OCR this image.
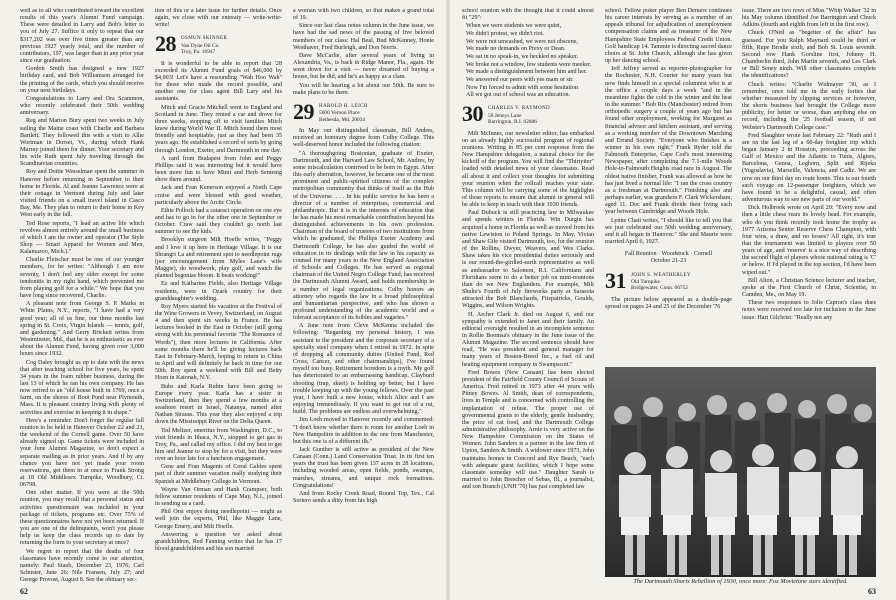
well as to all who contributed toward the excellent results of this year's Alumni Fund campaign. These were detailed in Larry and Bob's letter to you of July 27. Suffice it only to repeat that our $317,202 was over five times greater than any previous 1927 yearly total, and the number of contributors, 197, was larger than in any prior year since our graduation.

Gordon Smith has designed a new 1927 birthday card, and Bob Williamson arranged for the printing of the cards, which you should receive on your next birthdays.

Congratulations to Larry and Ora Scammon, who recently celebrated their 50th wedding anniversary.

Reg and Marion Bury spent two weeks in July sailing the Maine coast with Charlie and Barbara Bartlett. They followed this with a visit to Allie Wortman in Dorset, Vt., during which Hank Murray joined them for dinner. Your secretary and his wife Ruth spent July traveling through the Scandinavian countries.

Roy and Dottie Wesselman spent the summer in Hanover before returning in September to their home in Florida. Al and Jeanne Lawrence were at their cottage in Vermont during July and later visited friends on a small travel island in Casco Bay, Me. They plan to return to their home in Key West early in the fall.

Ted Rose reports, "I lead an active life which revolves almost entirely around the small business of which I am the owner and operator (The Style Shop — Smart Apparel for Women and Men, Kalamazoo, Mich.)."

Charlie Fleischer must be one of our younger members, for he writes: "Although I am now seventy, I don't feel any older except for some tendonitis in my right hand, which prevented me from playing golf for a while." We hope that you have long since recovered, Charlie.

A pleasant note from George S. P. Marks in White Plains, N.Y., reports, "I have had a very good year; all of us fine, our three months last spring in St. Croix, Virgin Islands — tennis, golf, and gardening." And Gerry Brickett writes from Westminster, Md., that he is as enthusiastic as ever about the Alumni Fund, having given over 3,000 hours since 1932.

Cog Daley brought us up to date with the news that after teaching school for five years, he spent 34 years in the foam rubber business, during the last 13 of which he ran his own company. He has now retired to an "old house built in 1769, once a farm, on the shores of Boot Pond near Plymouth, Mass. It is pleasant country living with plenty of activities and exercise in keeping it in shape."

Here's a reminder. Don't forget the regular fall reunion to be held in Hanover October 22 and 23, the weekend of the Cornell game. Over 50 have already signed up. Game tickets were included in your June Alumni Magazine, so don't expect a separate mailing as in prior years. And if by any chance you have not yet made your room reservations, get them in at once to Frank Strong at 18 Old Middlesex Turnpike, Woodbury, Ct. 06798.

One other matter. If you were at the 50th reunion, you may recall that a personal status and activities questionnaire was included in your package of tickets, programs etc. Over 75% of these questionnaires have not yet been returned. If you are one of the delinquents, won't you please help us keep the class records up to date by returning the form to your secretary at once?

We regret to report that the deaths of four classmates have recently come to our attention, namely: Paul Staub, December 23, 1976; Carl Schuster, June 26; Nils Fransen, July 27; and George Provost, August 8. See the obituary sec-

tion of this or a later issue for further details. Once again, we close with our entreaty — write-write-write!

28 OSMUN SKINNER
Van Dyne Oil Co.
Troy, Pa. 16947

It is wonderful to be able to report that '28 exceeded its Alumni Fund goals of $46,000 by $4,903! Let's have a resounding "Wah Hoo Wah" for those who made the record possible, and another one for class agent Bill Lary and his assistants.

Mitch and Gracie Mitchell went to England and Scotland in June. They rented a car and drove for three weeks, stopping off to visit families Mitch knew during World War II. Mitch found them most friendly and hospitable, just as they had been 35 years ago. He established a record of sorts by going through London, Exeter, and Dartmouth in one day.

A card from Budapest from John and Peggy Phillips said it was interesting but it would have been more fun to have Mimi and Herb Semenig show them around.

Jack and Fran Kenerson enjoyed a North Cape cruise and were blessed with good weather, particularly above the Arctic Circle.

Ethie Pollock had a cataract operation on one eye and has to go in for the other one in September or October. Craw said they couldn't go north last summer to see the kids.

Brooklyn surgeon Milt Hoefle writes, "Peggy and I love it up here in Heritage Village. It is our Shrangri La and retirement spot to needlepoint rugs (per encouragement from Myles Lane's wife Maggie), do woodwork, play golf, and watch the planted begonias bloom. It beats working!"

Ez and Katharine Fields, also Heritage Village residents, were in Ozark country for their granddaughter's wedding.

Roy Myers started his vacation at the Festival of the Wine Growers in Vevey, Switzerland, on August 4 and then spent six weeks in France. He has lectures booked in the East in October (still going strong with his perennial favorite "The Romance of Words"), then more lectures in California. After some months there he'll be giving lectures back East in February-March, hoping to return to China in April and will definitely be back in time for our 50th. Roy spent a weekend with Bill and Betty Hoen in Katonah, N.Y.

Bubs and Karla Rubin have been going to Europe every year. Karla has a sister in Switzerland, then they spend a few months at a seashore resort in Israel, Natanya, named after Nathan Strauss. This year they also enjoyed a trip down the Mississippi River on the Delta Queen.

Ted Meltzer, emeritus from Washington, D.C., to visit friends in Ithaca, N.Y., stopped to get gas in Troy, Pa., and called my office. I did my best to get him and Jeanne to stop by for a visit, but they were over an hour late for a luncheon engagement.

Gene and Fran Magenis of Coral Gables spent part of their summer vacation really studying their Spanish at Middlebury College in Vermont.

Wayne Van Orman and Hank Crampser, both fellow summer residents of Cape May, N.J., joined in sending us a card.

Phil Orsi enjoys doing needlepoint — might as well join the experts, Phil, like Maggie Lane, George Emery, and Milt Hoefle.

Answering a question we asked about grandchildren, Red Fanning writes that he has 17 blood grandchildren and his son married

a woman with two children, so that makes a grand total of 19.

Since our last class notes column in the June issue, we have had the sad news of the passing of five beloved members of our class: Hal Beal, Bud McKenney, Honie Westhaver, Fred Burleigh, and Don Norris.

Dave McCarlie, after several years of living in Alexandria, Va., is back in Ridge Manor, Fla., again. He went down for a visit — never dreamed of buying a house, but he did, and he's as happy as a clam.

You will be hearing a lot about our 50th. Be sure to make plans to be there.

29 HAROLD H. LEICH
5600 Vernon Place
Bethesda, Md. 20034

In May our distinguished classmate, Bill Andres, received an honorary degree from Colby College. This well-deserved honor included the following citation:

"A thoroughgoing Bostonian, graduate of Exeter, Dartmouth, and the Harvard Law School, Mr. Andres, by some miscalculation contrived to be born in Egypt. After this early aberration, however, he became one of the most prominent and public-spirited citizens of the complex metropolitan community that thinks of itself as the Hub of the Universe. . . . In his public service he has been a director of a number of enterprises, commercial and philanthropic. But it is in the interests of education that he has made his most remarkable contribution beyond his distinguished achievements in his own profession. Chairman of the board of trustees of two institutions from which he graduated, the Phillips Exeter Academy and Dartmouth College, he has also guided the world of education in its dealings with the law in his capacity as counsel for many years to the New England Association of Schools and Colleges. He has served as regional chairman of the United Negro College Fund, has received the Dartmouth Alumni Award, and holds membership in a number of legal organizations. Colby honors an attorney who regards the law in a broad philosophical and humanitarian perspective, and who has shown a profound understanding of the academic world and a tolerant acceptance of its foibles and vagaries."

A June note from Cleve McKenna included the following: "Regarding my personal history, I was assistant to the president and the corporate secretary of a specialty steel company when I retired in 1972. In spite of dropping all community duties (United Fund, Red Cross, Cancer, and other chairmanships), I've found myself too busy. Retirement boredom is a myth. My golf has deteriorated to an embarrassing handicap. Clayburd shooting (trap, skeet) is holding up better, but I have trouble keeping up with the young fellows. Over the past year, I have built a new house, which Alice and I are enjoying tremendously. If you want to get out of a rut, build. The problems are endless and overwhelming."

Jim Loeb moved to Hanover recently and commented: "I don't know whether there is room for another Loeb in New Hampshire in addition to the one from Manchester, but this one is of a different ilk."

Jack Gunther is still active as president of the New Canaan (Conn.) Land Conservation Trust. In its first ten years the trust has been given 137 acres in 28 locations, including wooded areas, open fields, ponds, swamps, marshes, streams, and unique rock formations. Congratulations!

And from Rocky Creek Road, Round Top, Tex., Cal Soriero sends a ditty from his high

62

school reunion with the thought that it could almost fit "29":

When we were students we were quiet,

We didn't protest, we didn't riot.

We were not unwashed, we were not obscene,

We made no demands on Prexy or Dean.

We sat in no speak-in, we heckled no speaker.

We broke not a window, few students were meeker.

We made a distinguishment between him and her.

We answered our peers with yes mam or sir.

Now I'm forced to admit with some hesitation

All we got out of school was an education.

30 CHARLES V. RAYMOND
56 Jennys Lane
Barrington, R.I. 02806

Milt McInnes, our newsletter editor, has embarked on an already highly successful program of regional reunions. Writing in 85 per cent response from the New Hampshire delegation, a natural choice for the kickoff of the program. You will find the "Thirtyiter" loaded with detailed news of your classmates. Read all about it and collect your thoughts for submitting your reunion when the rollcall reaches your state. This column will be carrying some of the highlights of those reports to ensure that alumni in general will be able to keep in touch with their 1930 friends.

Paul Dubuck is still practicing law in Milwaukee and spends winters in Florida. Win Durgin has acquired a home in Florida as well as moved from his native Lewiston to Poland Springs. In May, Vivian and Shaw Gile visited Dartmouth, too, for the reunion of the Rollins, Dwyer, Weavers, and Wes Clarks. Shaw takes his vice presidential duties seriously and is our round-the-girdled-earth representative as well as ambassador to Salomon, R.I. Californians and Floridians seem to do a better job on mini-reunions than do we New Englanders. For example, Milt Shulte's Fourth of July fireworks party at Sarasota attracted the Bob Blanchards, Fitzpatricks, Goulds, Wiggins, and Wilson Wrights.

H. Archer Clark Jr. died on August 6, and our sympathy is extended to Janet and their family. An editorial oversight resulted in an incomplete sentence in Rollie Boomsa's obituary in the June issue of the Alumni Magazine. The second sentence should have read, "He was president and general manager for many years of Boston-Breed Inc., a fuel oil and heating equipment company in Swampscott."

Fred Bowes (New Canaan) has been elected president of the Fairfield County Council of Scouts of America. Fred retired in 1973 after 44 years with Pitney Bowes. Al Smith, dean of correspondents, lives in Temple and is concerned with controlling the implantation of refuse. The proper use of governmental grants to the elderly, gentle husbandry, the price of cat food, and the Dartmouth College administrative philosophy. Arnie is very active on the New Hampshire Commission on the Status of Women. John Sanders is a partner in the law firm of Upton, Sanders & Smith. A widower since 1973, John maintains homes in Concord and Rye Beach, "each with adequate guest facilities, which I hope some classmate someday will use." Daughter Sarah is married to John Brescher of Sebas, Ill., a journalist, and son Branch (UNH '70) has just completed law

school. Fellow poker player Ben Demers continues his career interests by serving as a member of an appeals tribunal for adjudication of unemployment compensation claims and as treasurer of the New Hampshire State Employees Federal Credit Union. Golf handicap 14. Tammie is directing sacred dance choirs at St. John Church, although she has given up her dancing school.

Jeff Jeffrey served as reporter-photographer for the Rochester, N.H. Courier for many years but now finds himself in a special columnist who is at the office a couple days a week "and in the meantime fights the cold in the winter and the heat in the summer." Bob Rix (Manchester) retired from orthopedic surgery a couple of years ago but has found other employment, working for Margaret as financial advisor and kitchen assistant, and serving as a working member of the Downtown Marching and Errand Society. "Everyone who finishes is a winner in his own right," Frank Ryder told the Falmouth Enterprise, Cape Cod's most interesting Newspaper, after completing the 7.1-mile Woods Hole-to-Falmouth Heights road race in August. The oldest native finisher, Frank was allowed as how he has just lived a normal life: "I ran the cross country as a freshman at Dartmouth." Finishing also and perhaps earlier, was grandson F. Clark Wickersham, aged 11. Doc and Frank divide their living each year between Cambridge and Woods Hole.

Lynne Chait writes, "I should like to tell you that we just celebrated our 50th wedding anniversary, and it all began in Hanover." She and Maurie were married April 6, 1927.

Fall Reunion · Woodstock · Cornell
October 21-23
31 JOHN S. WEATHERLEY
Old Turnpike
Bridgewater, Conn. 06752

The picture below appeared as a double-page spread on pages 24 and 25 of the December '76

issue. There are two rows of Miss "Whip Walker '32 in his May column identified Joe Barrington and Chuck Adkins (fourth and eighth from left in the first row).

Chuck O'Neil as "begetter of the affair" has guessed. For you Ralph Maynard could be third or fifth, Rupe Brodie sixth, and Bob St. Louis seventh. Second row Hank Gorsline first, Johnny H. Chamberlin third, John Martin seventh, and Les Clark or Bill Seney ninth. Will other classmates complete the identifications?

Chuck writes: "Charlie Widmayer '30, as I remember, once told me in the early forties that whether measured by clipping services or however, the shorts business had brought the College more publicity, for better or worse, than anything else on record, including the '25 football season, if not Webster's Dartmouth College case."

Fred Slaughter wrote last February 22: "Ruth and I are on the last leg of a 60-day freighter trip which began January 2 in Houston, proceeding across the Gulf of Mexico and the Atlantic to Tunis, Algiers, Barcelona, Genoa, Leghorn, Split and Rijeka (Yugoslavia), Marseille, Valencia, and Cadiz. We are now on our third day en route home. This is our fourth such voyage on 12-passenger freighters, which we have found to be a delightful, casual, and often adventurous way to see new parts of our world."

Dick Holbrook wrote on April 20: "Every now and then a little chess rears its lovely head. For example, who do you think recently took home the trophy as 1977 Arizona Senior Reserve Chess Champion, with four wins, a draw, and no losses? All right, it's true that the tournament was limited to players over 50 years of age, and 'reserve' is a nice way of describing the second flight of players whose national rating is 'C' or below. If I'd played in the top section, I'd have been wiped out."

Bill Alton, a Christian Science lecturer and teacher, spoke at the First Church of Christ, Scientist, in Camden, Me., on May 19.

These two responses to Jolie Capron's class dues notes were received too late for inclusion in the June issue: Hart Gilchrist: "Really not any

The Dartmouth Shorts Rebellion of 1930, once more: Fox Movietone stars identified.
63
